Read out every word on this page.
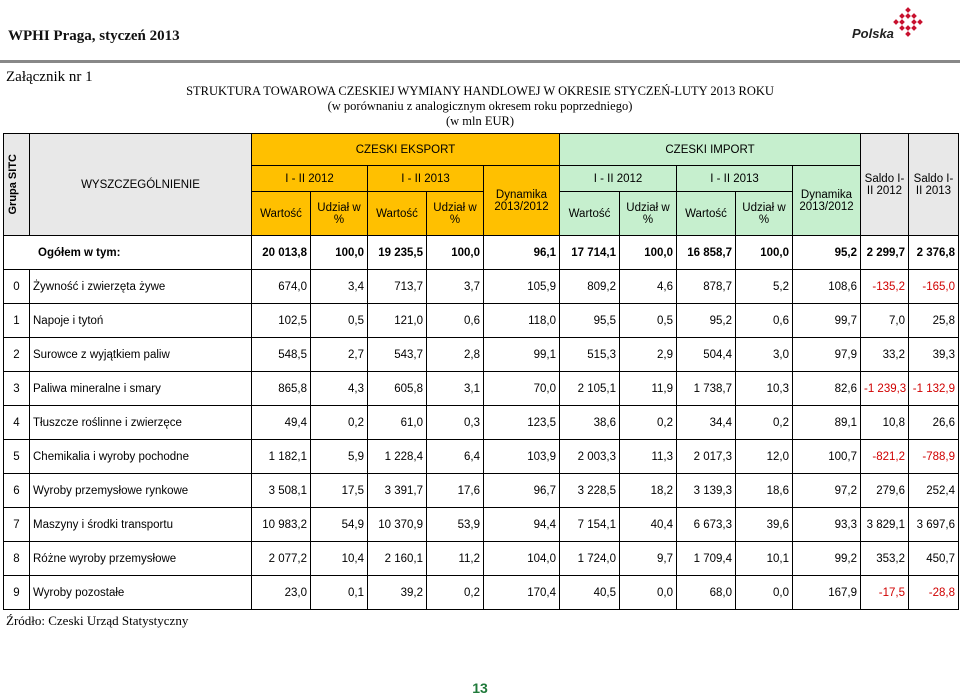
WPHI Praga, styczeń 2013	Polska
Załącznik nr 1
STRUKTURA TOWAROWA CZESKIEJ WYMIANY HANDLOWEJ W OKRESIE STYCZEŃ-LUTY 2013 ROKU
(w porównaniu z analogicznym okresem roku poprzedniego)
(w mln EUR)
Grupa SITC	WYSZCZEGÓLNIENIE	CZESKI EKSPORT					CZESKI IMPORT					Saldo I-II 2012	Saldo I-II 2013
		I - II 2012		I - II 2013		Dynamika 2013/2012	I - II 2012		I - II 2013		Dynamika 2013/2012		
		Wartość	Udział w %	Wartość	Udział w %		Wartość	Udział w %	Wartość	Udział w %			
Ogółem w tym:		20 013,8	100,0	19 235,5	100,0	96,1	17 714,1	100,0	16 858,7	100,0	95,2	2 299,7	2 376,8
0	Żywność i zwierzęta żywe	674,0	3,4	713,7	3,7	105,9	809,2	4,6	878,7	5,2	108,6	-135,2	-165,0
1	Napoje i tytoń	102,5	0,5	121,0	0,6	118,0	95,5	0,5	95,2	0,6	99,7	7,0	25,8
2	Surowce z wyjątkiem paliw	548,5	2,7	543,7	2,8	99,1	515,3	2,9	504,4	3,0	97,9	33,2	39,3
3	Paliwa mineralne i smary	865,8	4,3	605,8	3,1	70,0	2 105,1	11,9	1 738,7	10,3	82,6	-1 239,3	-1 132,9
4	Tłuszcze roślinne i zwierzęce	49,4	0,2	61,0	0,3	123,5	38,6	0,2	34,4	0,2	89,1	10,8	26,6
5	Chemikalia i wyroby pochodne	1 182,1	5,9	1 228,4	6,4	103,9	2 003,3	11,3	2 017,3	12,0	100,7	-821,2	-788,9
6	Wyroby przemysłowe rynkowe	3 508,1	17,5	3 391,7	17,6	96,7	3 228,5	18,2	3 139,3	18,6	97,2	279,6	252,4
7	Maszyny i środki transportu	10 983,2	54,9	10 370,9	53,9	94,4	7 154,1	40,4	6 673,3	39,6	93,3	3 829,1	3 697,6
8	Różne wyroby przemysłowe	2 077,2	10,4	2 160,1	11,2	104,0	1 724,0	9,7	1 709,4	10,1	99,2	353,2	450,7
9	Wyroby pozostałe	23,0	0,1	39,2	0,2	170,4	40,5	0,0	68,0	0,0	167,9	-17,5	-28,8
Źródło: Czeski Urząd Statystyczny
13
